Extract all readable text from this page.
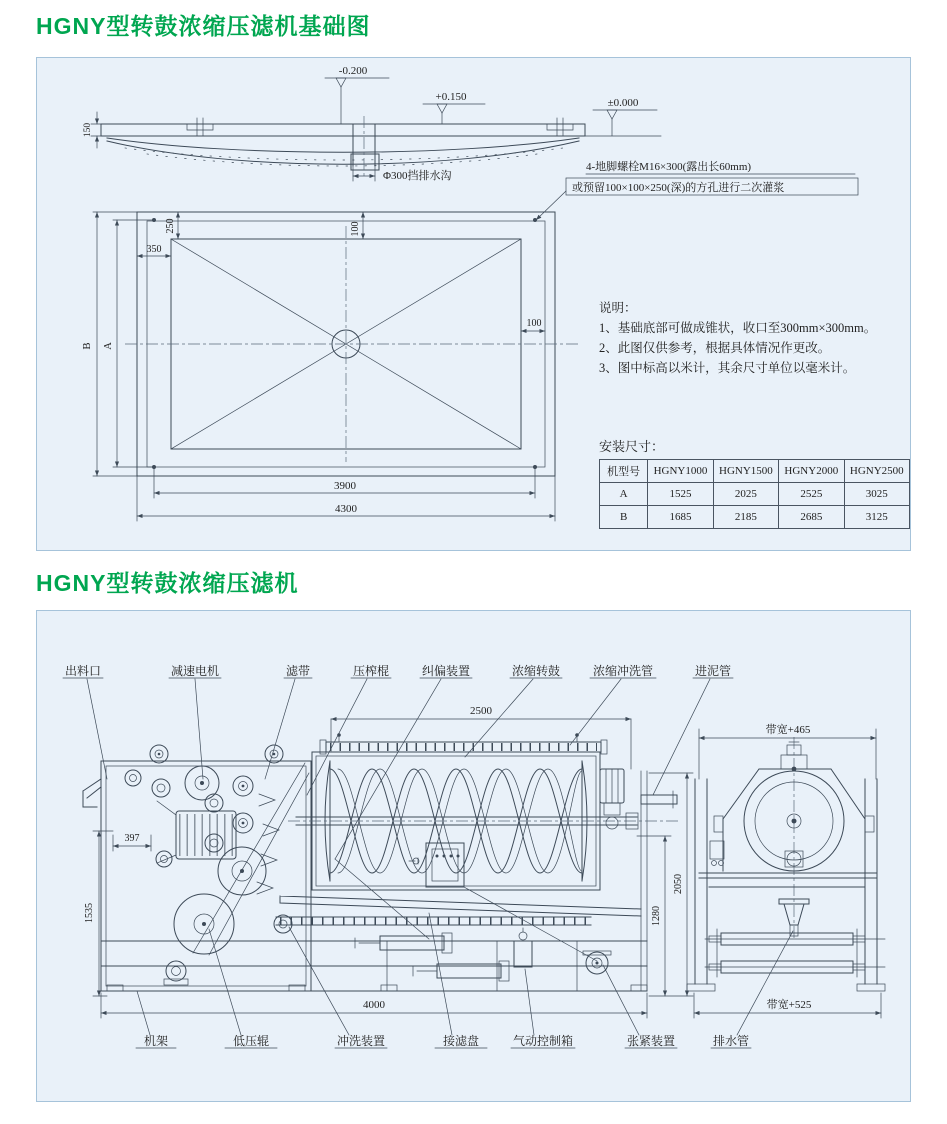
HGNY型转鼓浓缩压滤机基础图
Φ300挡排水沟
-0.200
+0.150	±0.000
150
4-地脚螺栓M16×300(露出长60mm)
或预留100×100×250(深)的方孔进行二次灌浆
B A
350
250	100
100
3900
4300
说明：
1、基础底部可做成锥状，收口至300mm×300mm。
2、此图仅供参考，根据具体情况作更改。
3、图中标高以米计，其余尺寸单位以毫米计。
安装尺寸：
机型号	HGNY1000	HGNY1500	HGNY2000	HGNY2500
A	1525	2025	2525	3025
B	1685	2185	2685	3125
HGNY型转鼓浓缩压滤机
出料口	减速电机	滤带	压榨棍	纠偏装置	浓缩转鼓	浓缩冲洗管	进泥管
2500
397
1535
2050
1280
4000
带宽+465
带宽+525
机架	低压辊	冲洗装置	接滤盘	气动控制箱	张紧装置	排水管
